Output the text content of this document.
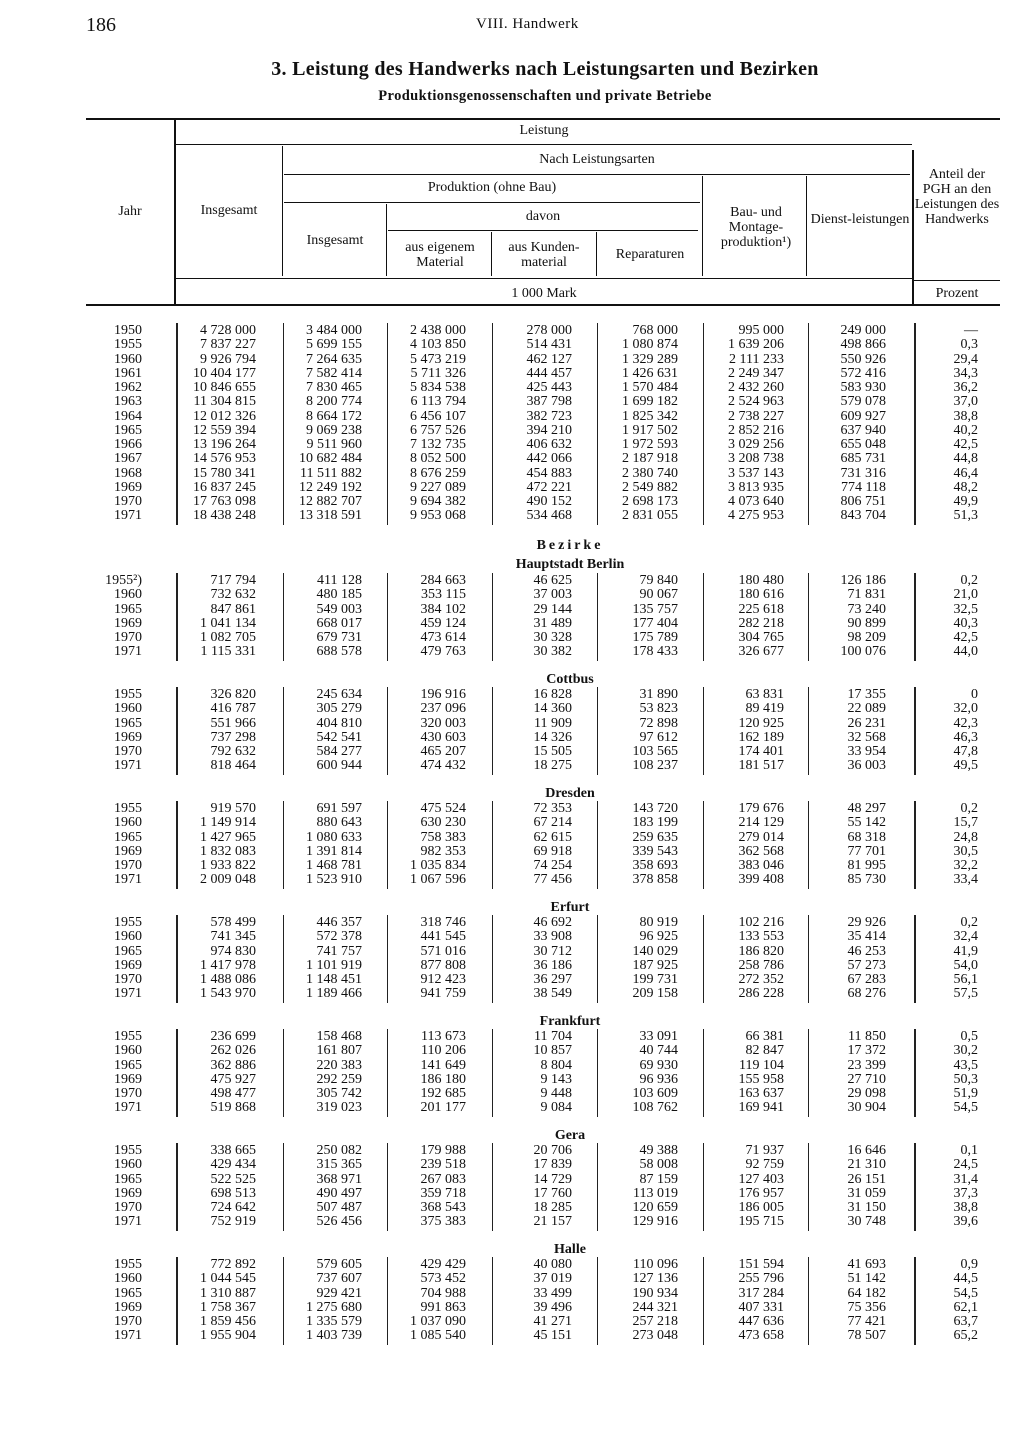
186	VIII. Handwerk
3. Leistung des Handwerks nach Leistungsarten und Bezirken
Produktionsgenossenschaften und private Betriebe
Jahr
Leistung
Insgesamt
Nach Leistungsarten
Produktion (ohne Bau)
davon
Insgesamt	aus eigenem Material
aus Kunden-material
Reparaturen
Bau- und Montage-produktion¹)
Dienst-leistungen
Anteil der PGH an den Leistungen des Handwerks
1 000 Mark	Prozent
Bezirke
1950	4 728 000	3 484 000	2 438 000	278 000	768 000	995 000	249 000	—
1955	7 837 227	5 699 155	4 103 850	514 431	1 080 874	1 639 206	498 866	0,3
1960	9 926 794	7 264 635	5 473 219	462 127	1 329 289	2 111 233	550 926	29,4
1961	10 404 177	7 582 414	5 711 326	444 457	1 426 631	2 249 347	572 416	34,3
1962	10 846 655	7 830 465	5 834 538	425 443	1 570 484	2 432 260	583 930	36,2
1963	11 304 815	8 200 774	6 113 794	387 798	1 699 182	2 524 963	579 078	37,0
1964	12 012 326	8 664 172	6 456 107	382 723	1 825 342	2 738 227	609 927	38,8
1965	12 559 394	9 069 238	6 757 526	394 210	1 917 502	2 852 216	637 940	40,2
1966	13 196 264	9 511 960	7 132 735	406 632	1 972 593	3 029 256	655 048	42,5
1967	14 576 953	10 682 484	8 052 500	442 066	2 187 918	3 208 738	685 731	44,8
1968	15 780 341	11 511 882	8 676 259	454 883	2 380 740	3 537 143	731 316	46,4
1969	16 837 245	12 249 192	9 227 089	472 221	2 549 882	3 813 935	774 118	48,2
1970	17 763 098	12 882 707	9 694 382	490 152	2 698 173	4 073 640	806 751	49,9
1971	18 438 248	13 318 591	9 953 068	534 468	2 831 055	4 275 953	843 704	51,3
Hauptstadt Berlin
1955²)	717 794	411 128	284 663	46 625	79 840	180 480	126 186	0,2
1960	732 632	480 185	353 115	37 003	90 067	180 616	71 831	21,0
1965	847 861	549 003	384 102	29 144	135 757	225 618	73 240	32,5
1969	1 041 134	668 017	459 124	31 489	177 404	282 218	90 899	40,3
1970	1 082 705	679 731	473 614	30 328	175 789	304 765	98 209	42,5
1971	1 115 331	688 578	479 763	30 382	178 433	326 677	100 076	44,0
Cottbus
1955	326 820	245 634	196 916	16 828	31 890	63 831	17 355	0
1960	416 787	305 279	237 096	14 360	53 823	89 419	22 089	32,0
1965	551 966	404 810	320 003	11 909	72 898	120 925	26 231	42,3
1969	737 298	542 541	430 603	14 326	97 612	162 189	32 568	46,3
1970	792 632	584 277	465 207	15 505	103 565	174 401	33 954	47,8
1971	818 464	600 944	474 432	18 275	108 237	181 517	36 003	49,5
Dresden
1955	919 570	691 597	475 524	72 353	143 720	179 676	48 297	0,2
1960	1 149 914	880 643	630 230	67 214	183 199	214 129	55 142	15,7
1965	1 427 965	1 080 633	758 383	62 615	259 635	279 014	68 318	24,8
1969	1 832 083	1 391 814	982 353	69 918	339 543	362 568	77 701	30,5
1970	1 933 822	1 468 781	1 035 834	74 254	358 693	383 046	81 995	32,2
1971	2 009 048	1 523 910	1 067 596	77 456	378 858	399 408	85 730	33,4
Erfurt
1955	578 499	446 357	318 746	46 692	80 919	102 216	29 926	0,2
1960	741 345	572 378	441 545	33 908	96 925	133 553	35 414	32,4
1965	974 830	741 757	571 016	30 712	140 029	186 820	46 253	41,9
1969	1 417 978	1 101 919	877 808	36 186	187 925	258 786	57 273	54,0
1970	1 488 086	1 148 451	912 423	36 297	199 731	272 352	67 283	56,1
1971	1 543 970	1 189 466	941 759	38 549	209 158	286 228	68 276	57,5
Frankfurt
1955	236 699	158 468	113 673	11 704	33 091	66 381	11 850	0,5
1960	262 026	161 807	110 206	10 857	40 744	82 847	17 372	30,2
1965	362 886	220 383	141 649	8 804	69 930	119 104	23 399	43,5
1969	475 927	292 259	186 180	9 143	96 936	155 958	27 710	50,3
1970	498 477	305 742	192 685	9 448	103 609	163 637	29 098	51,9
1971	519 868	319 023	201 177	9 084	108 762	169 941	30 904	54,5
Gera
1955	338 665	250 082	179 988	20 706	49 388	71 937	16 646	0,1
1960	429 434	315 365	239 518	17 839	58 008	92 759	21 310	24,5
1965	522 525	368 971	267 083	14 729	87 159	127 403	26 151	31,4
1969	698 513	490 497	359 718	17 760	113 019	176 957	31 059	37,3
1970	724 642	507 487	368 543	18 285	120 659	186 005	31 150	38,8
1971	752 919	526 456	375 383	21 157	129 916	195 715	30 748	39,6
Halle
1955	772 892	579 605	429 429	40 080	110 096	151 594	41 693	0,9
1960	1 044 545	737 607	573 452	37 019	127 136	255 796	51 142	44,5
1965	1 310 887	929 421	704 988	33 499	190 934	317 284	64 182	54,5
1969	1 758 367	1 275 680	991 863	39 496	244 321	407 331	75 356	62,1
1970	1 859 456	1 335 579	1 037 090	41 271	257 218	447 636	77 421	63,7
1971	1 955 904	1 403 739	1 085 540	45 151	273 048	473 658	78 507	65,2
